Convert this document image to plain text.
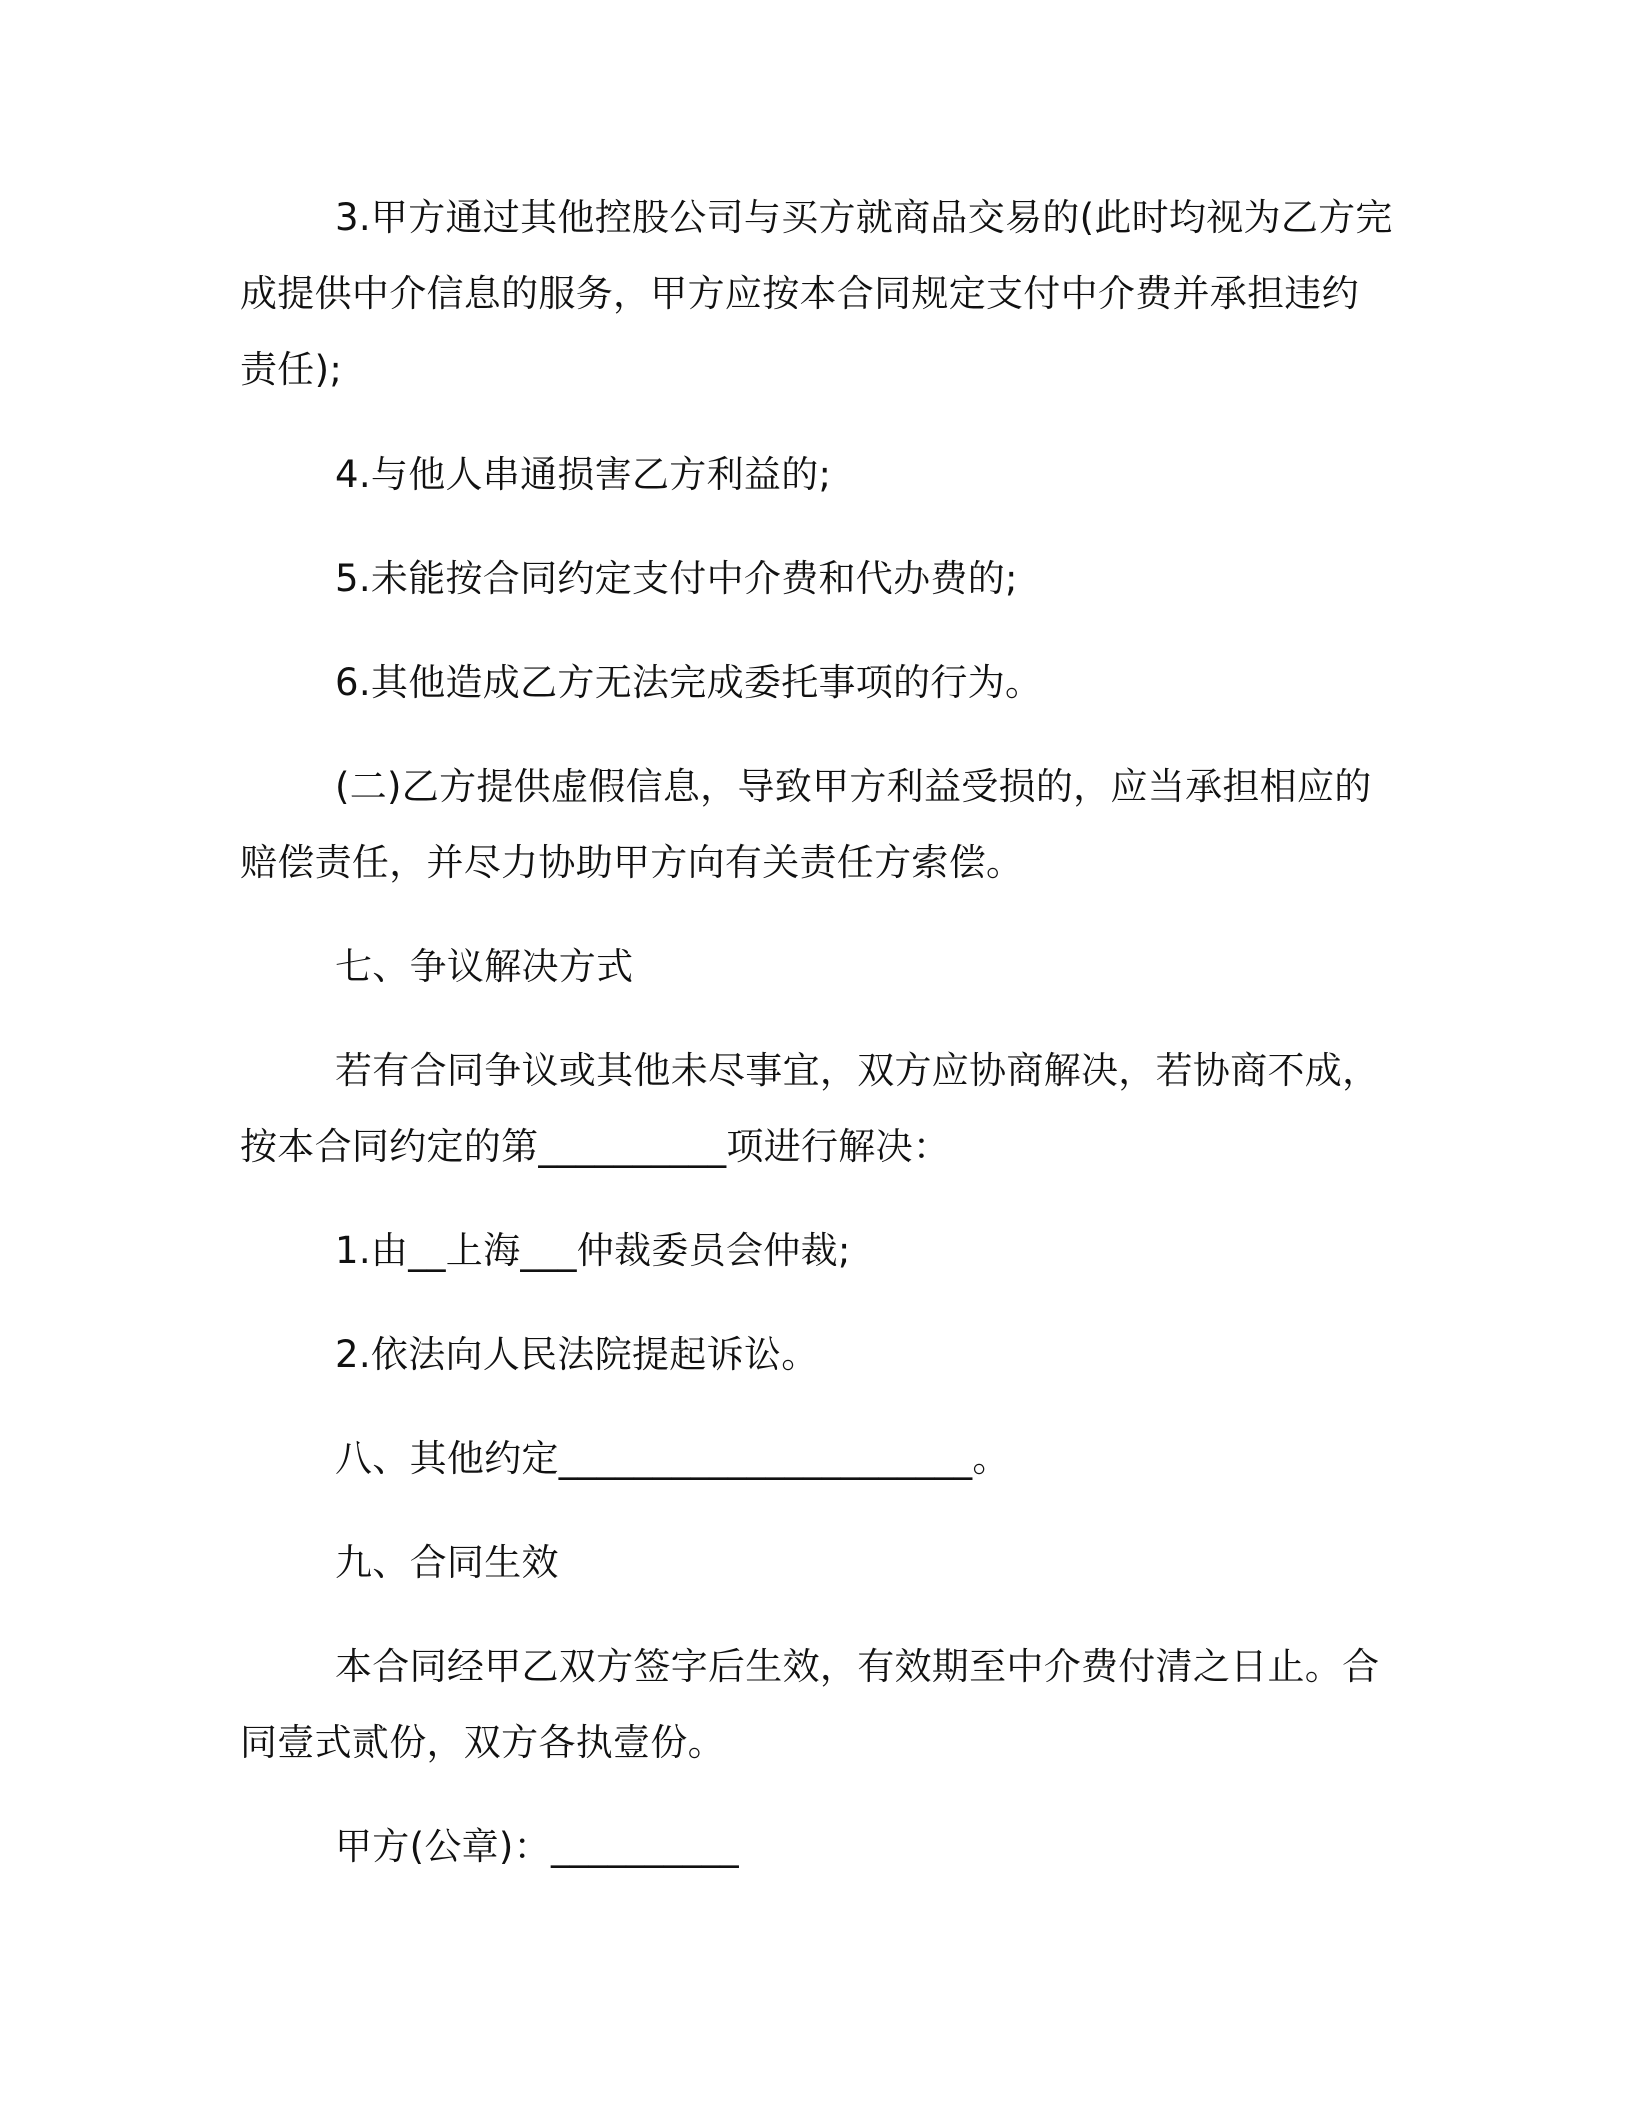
3.甲方通过其他控股公司与买方就商品交易的(此时均视为乙方完
成提供中介信息的服务，甲方应按本合同规定支付中介费并承担违约
责任);
4.与他人串通损害乙方利益的;
5.未能按合同约定支付中介费和代办费的;
6.其他造成乙方无法完成委托事项的行为。
(二)乙方提供虚假信息，导致甲方利益受损的，应当承担相应的
赔偿责任，并尽力协助甲方向有关责任方索偿。
七、争议解决方式
若有合同争议或其他未尽事宜，双方应协商解决，若协商不成，
按本合同约定的第__________项进行解决：
1.由__上海___仲裁委员会仲裁;
2.依法向人民法院提起诉讼。
八、其他约定______________________。
九、合同生效
本合同经甲乙双方签字后生效，有效期至中介费付清之日止。合
同壹式贰份，双方各执壹份。
甲方(公章)：__________
